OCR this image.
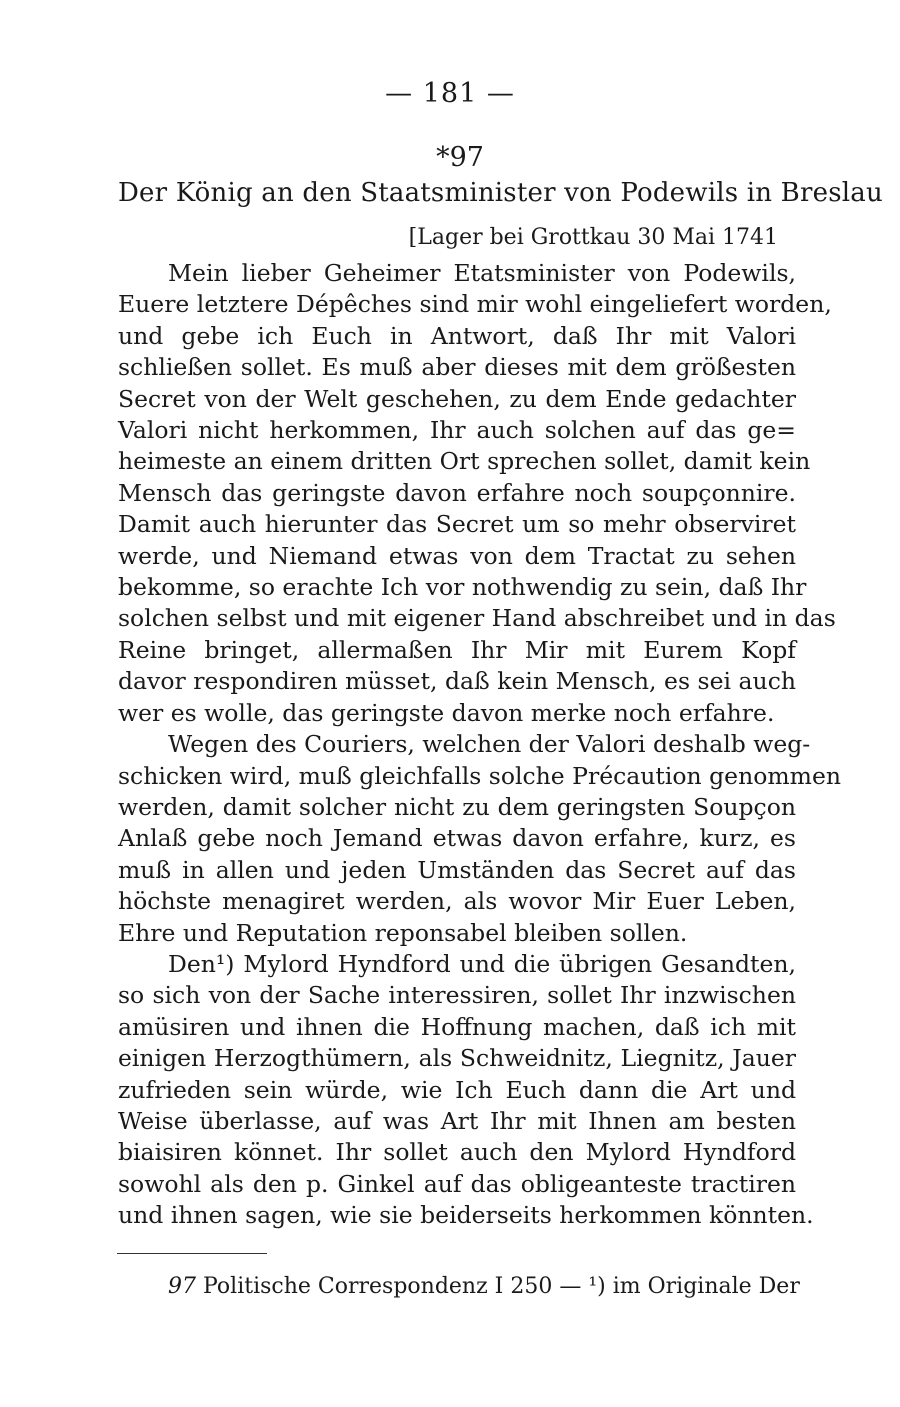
— 181 —
*97
Der König an den Staatsminister von Podewils in Breslau
[Lager bei Grottkau 30 Mai 1741
Mein lieber Geheimer Etatsminister von Podewils,
Euere letztere Dépêches sind mir wohl eingeliefert worden,
und gebe ich Euch in Antwort, daß Ihr mit Valori
schließen sollet. Es muß aber dieses mit dem größesten
Secret von der Welt geschehen, zu dem Ende gedachter
Valori nicht herkommen, Ihr auch solchen auf das ge=
heimeste an einem dritten Ort sprechen sollet, damit kein
Mensch das geringste davon erfahre noch soupçonnire.
Damit auch hierunter das Secret um so mehr observiret
werde, und Niemand etwas von dem Tractat zu sehen
bekomme, so erachte Ich vor nothwendig zu sein, daß Ihr
solchen selbst und mit eigener Hand abschreibet und in das
Reine bringet, allermaßen Ihr Mir mit Eurem Kopf
davor respondiren müsset, daß kein Mensch, es sei auch
wer es wolle, das geringste davon merke noch erfahre.
Wegen des Couriers, welchen der Valori deshalb weg-
schicken wird, muß gleichfalls solche Précaution genommen
werden, damit solcher nicht zu dem geringsten Soupçon
Anlaß gebe noch Jemand etwas davon erfahre, kurz, es
muß in allen und jeden Umständen das Secret auf das
höchste menagiret werden, als wovor Mir Euer Leben,
Ehre und Reputation reponsabel bleiben sollen.
Den¹) Mylord Hyndford und die übrigen Gesandten,
so sich von der Sache interessiren, sollet Ihr inzwischen
amüsiren und ihnen die Hoffnung machen, daß ich mit
einigen Herzogthümern, als Schweidnitz, Liegnitz, Jauer
zufrieden sein würde, wie Ich Euch dann die Art und
Weise überlasse, auf was Art Ihr mit Ihnen am besten
biaisiren könnet. Ihr sollet auch den Mylord Hyndford
sowohl als den p. Ginkel auf das obligeanteste tractiren
und ihnen sagen, wie sie beiderseits herkommen könnten.
97 Politische Correspondenz I 250 — ¹) im Originale Der
